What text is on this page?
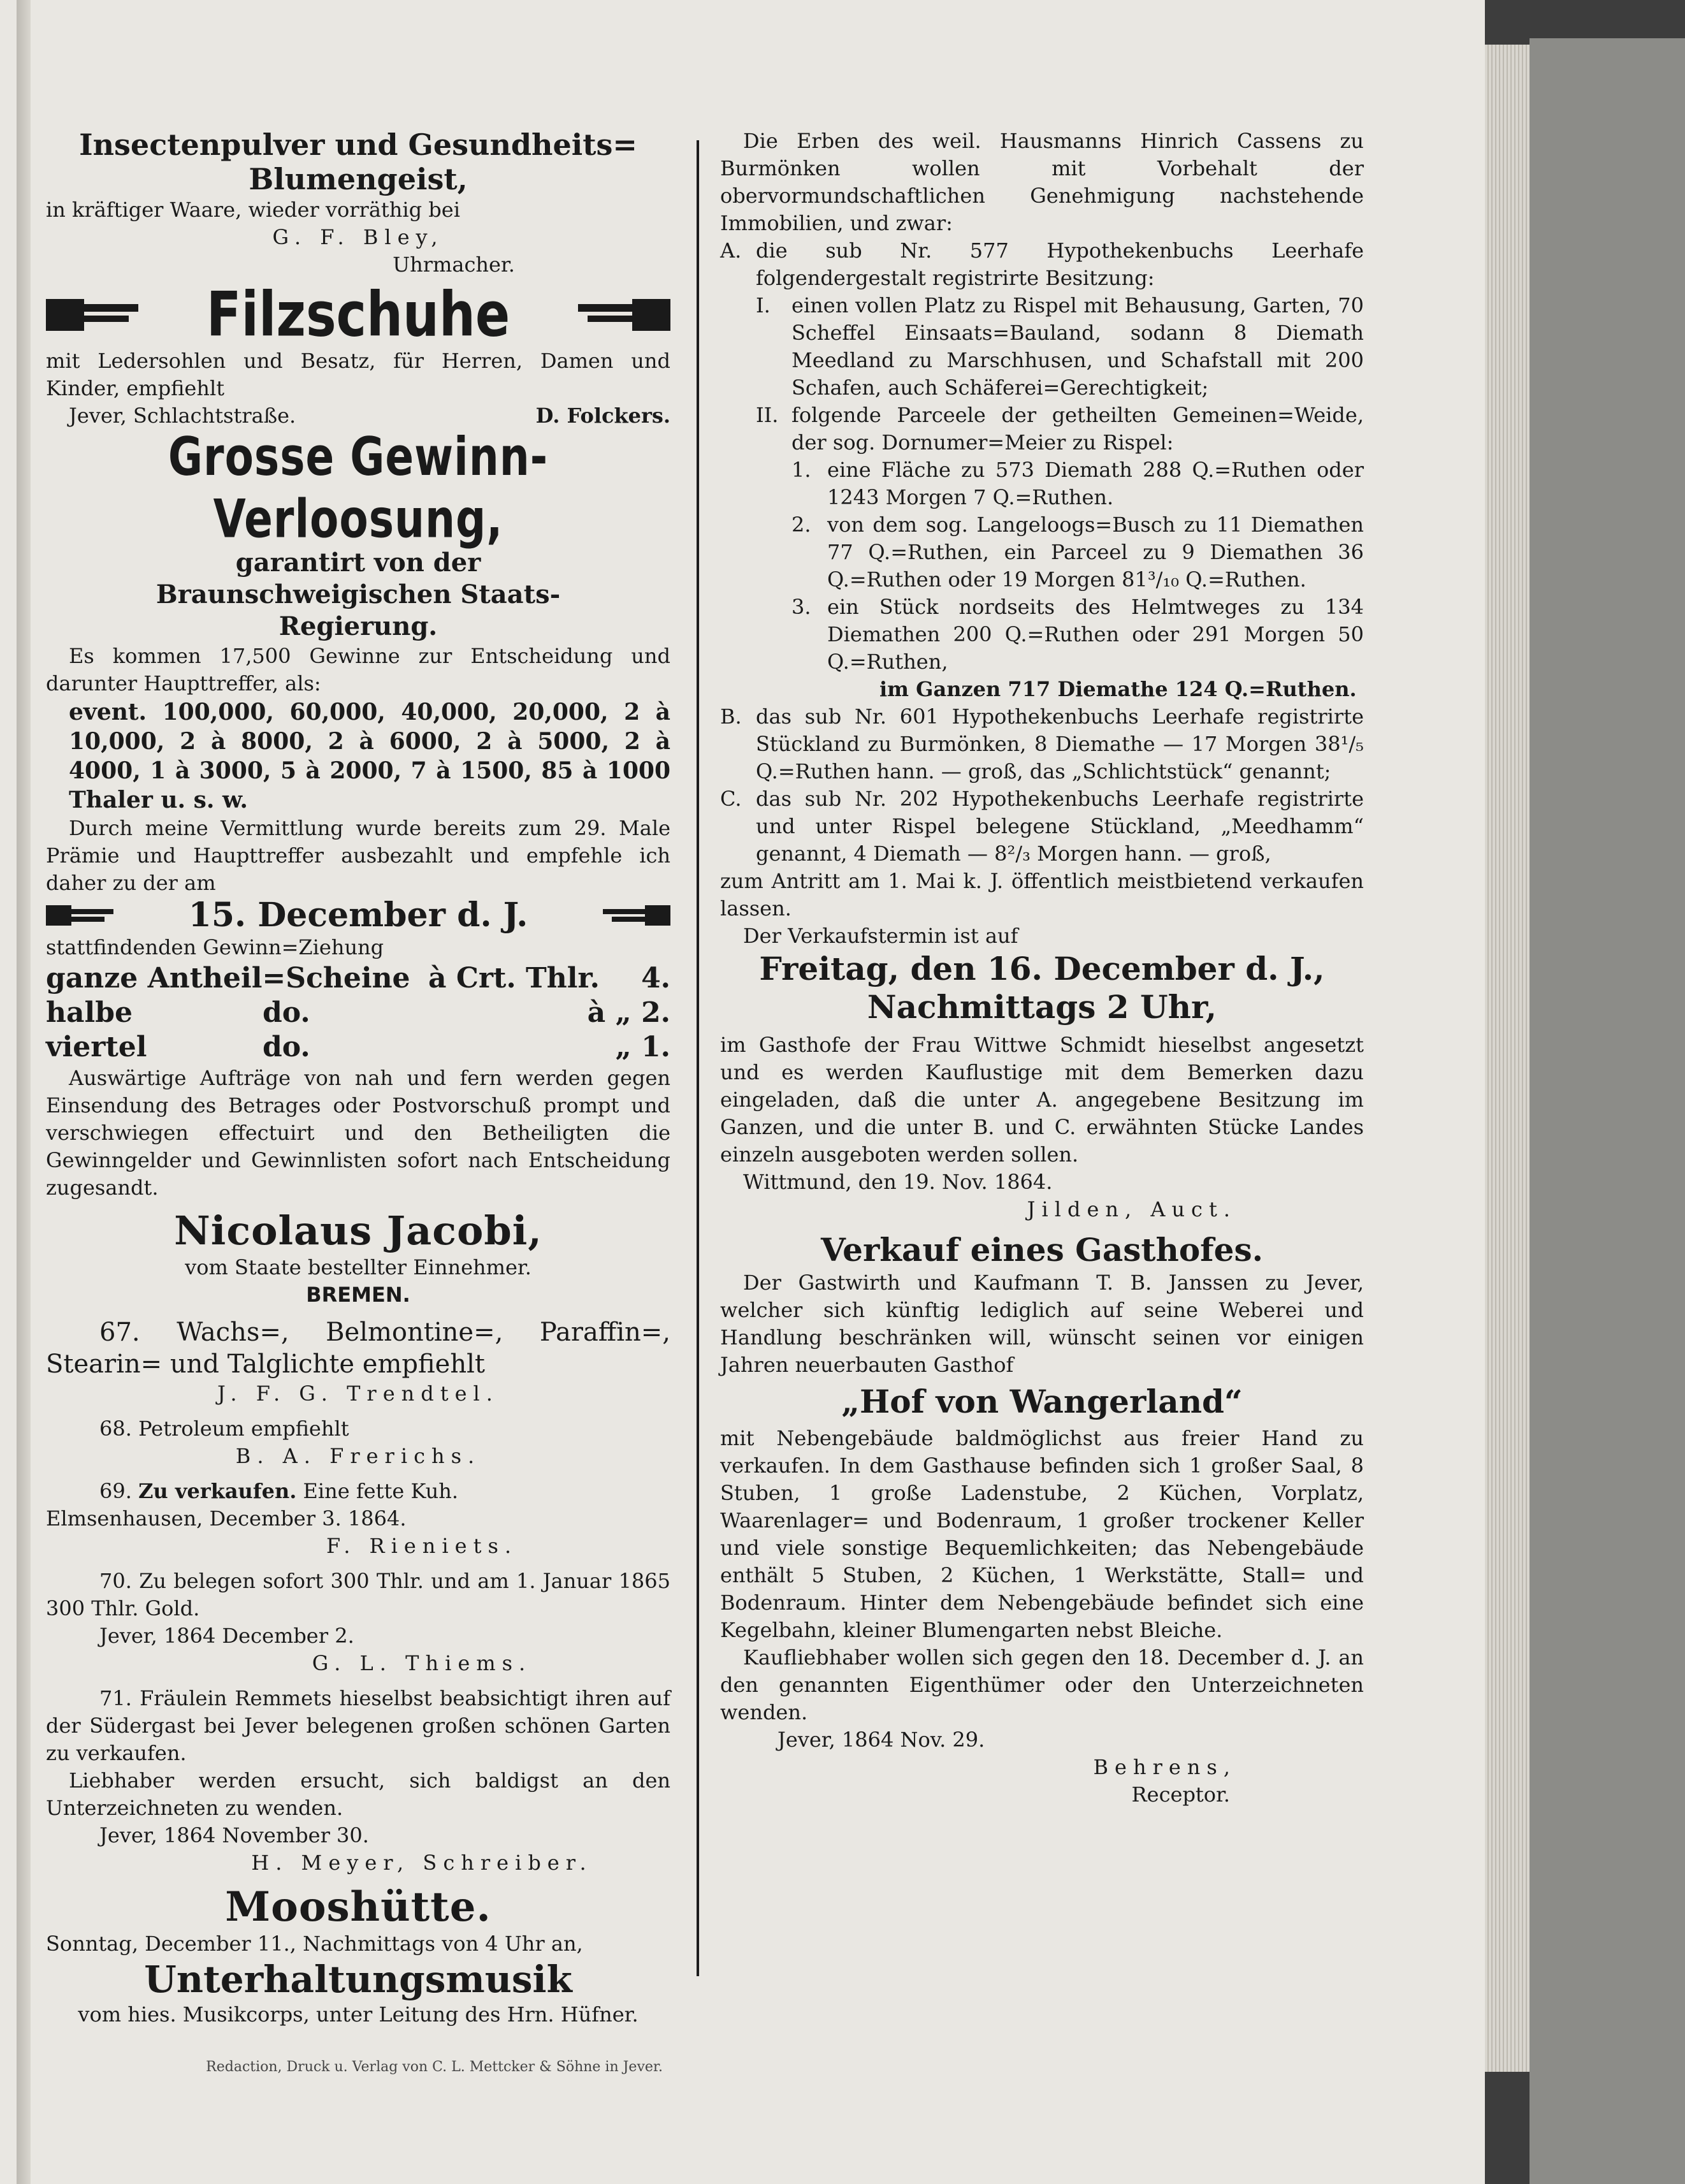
Insectenpulver und Gesundheits=
Blumengeist,
in kräftiger Waare, wieder vorräthig bei
G. F. Bley,
Uhrmacher.
Filzschuhe
mit Ledersohlen und Besatz, für Herren, Damen und Kinder, empfiehlt
Jever, Schlachtstraße.	D. Folckers.
Grosse Gewinn-Verloosung,
garantirt von der Braunschweigischen Staats-Regierung.
Es kommen 17,500 Gewinne zur Entscheidung und darunter Haupttreffer, als:
event. 100,000, 60,000, 40,000, 20,000, 2 à 10,000, 2 à 8000, 2 à 6000, 2 à 5000, 2 à 4000, 1 à 3000, 5 à 2000, 7 à 1500, 85 à 1000 Thaler u. s. w.
Durch meine Vermittlung wurde bereits zum 29. Male Prämie und Haupttreffer ausbezahlt und empfehle ich daher zu der am
15. December d. J.
stattfindenden Gewinn=Ziehung
ganze Antheil=Scheine à Crt. Thlr.	4.
halbe	do.	à „ 2.
viertel	do.	„ 1.
Auswärtige Aufträge von nah und fern werden gegen Einsendung des Betrages oder Postvorschuß prompt und verschwiegen effectuirt und den Betheiligten die Gewinngelder und Gewinnlisten sofort nach Entscheidung zugesandt.
Nicolaus Jacobi,
vom Staate bestellter Einnehmer.
BREMEN.
67. Wachs=, Belmontine=, Paraffin=, Stearin= und Talglichte empfiehlt
J. F. G. Trendtel.
68. Petroleum empfiehlt
B. A. Frerichs.
69. Zu verkaufen. Eine fette Kuh.
Elmsenhausen, December 3. 1864.
F. Rieniets.
70. Zu belegen sofort 300 Thlr. und am 1. Januar 1865 300 Thlr. Gold.
Jever, 1864 December 2.
G. L. Thiems.
71. Fräulein Remmets hieselbst beabsichtigt ihren auf der Südergast bei Jever belegenen großen schönen Garten zu verkaufen.
Liebhaber werden ersucht, sich baldigst an den Unterzeichneten zu wenden.
Jever, 1864 November 30.
H. Meyer, Schreiber.
Mooshütte.
Sonntag, December 11., Nachmittags von 4 Uhr an,
Unterhaltungsmusik
vom hies. Musikcorps, unter Leitung des Hrn. Hüfner.
Die Erben des weil. Hausmanns Hinrich Cassens zu Burmönken wollen mit Vorbehalt der obervormundschaftlichen Genehmigung nachstehende Immobilien, und zwar:
A. die sub Nr. 577 Hypothekenbuchs Leerhafe folgendergestalt registrirte Besitzung:
I.	einen vollen Platz zu Rispel mit Behausung, Garten, 70 Scheffel Einsaats=Bauland, sodann 8 Diemath Meedland zu Marschhusen, und Schafstall mit 200 Schafen, auch Schäferei=Gerechtigkeit;
II. folgende Parceele der getheilten Gemeinen=Weide, der sog. Dornumer=Meier zu Rispel:
1. eine Fläche zu 573 Diemath 288 Q.=Ruthen oder 1243 Morgen 7 Q.=Ruthen.
2. von dem sog. Langeloogs=Busch zu 11 Diemathen 77 Q.=Ruthen, ein Parceel zu 9 Diemathen 36 Q.=Ruthen oder 19 Morgen 81³/₁₀ Q.=Ruthen.
3. ein Stück nordseits des Helmtweges zu 134 Diemathen 200 Q.=Ruthen oder 291 Morgen 50 Q.=Ruthen,
im Ganzen 717 Diemathe 124 Q.=Ruthen.
B. das sub Nr. 601 Hypothekenbuchs Leerhafe registrirte Stückland zu Burmönken, 8 Diemathe — 17 Morgen 38¹/₅ Q.=Ruthen hann. — groß, das „Schlichtstück“ genannt;
C. das sub Nr. 202 Hypothekenbuchs Leerhafe registrirte und unter Rispel belegene Stückland, „Meedhamm“ genannt, 4 Diemath — 8²/₃ Morgen hann. — groß,
zum Antritt am 1. Mai k. J. öffentlich meistbietend verkaufen lassen.
Der Verkaufstermin ist auf
Freitag, den 16. December d. J.,
Nachmittags 2 Uhr,
im Gasthofe der Frau Wittwe Schmidt hieselbst angesetzt und es werden Kauflustige mit dem Bemerken dazu eingeladen, daß die unter A. angegebene Besitzung im Ganzen, und die unter B. und C. erwähnten Stücke Landes einzeln ausgeboten werden sollen.
Wittmund, den 19. Nov. 1864.
Jilden, Auct.
Verkauf eines Gasthofes.
Der Gastwirth und Kaufmann T. B. Janssen zu Jever, welcher sich künftig lediglich auf seine Weberei und Handlung beschränken will, wünscht seinen vor einigen Jahren neuerbauten Gasthof
„Hof von Wangerland“
mit Nebengebäude baldmöglichst aus freier Hand zu verkaufen. In dem Gasthause befinden sich 1 großer Saal, 8 Stuben, 1 große Ladenstube, 2 Küchen, Vorplatz, Waarenlager= und Bodenraum, 1 großer trockener Keller und viele sonstige Bequemlichkeiten; das Nebengebäude enthält 5 Stuben, 2 Küchen, 1 Werkstätte, Stall= und Bodenraum. Hinter dem Nebengebäude befindet sich eine Kegelbahn, kleiner Blumengarten nebst Bleiche.
Kaufliebhaber wollen sich gegen den 18. December d. J. an den genannten Eigenthümer oder den Unterzeichneten wenden.
Jever, 1864 Nov. 29.
Behrens,
Receptor.
Redaction, Druck u. Verlag von C. L. Mettcker & Söhne in Jever.
